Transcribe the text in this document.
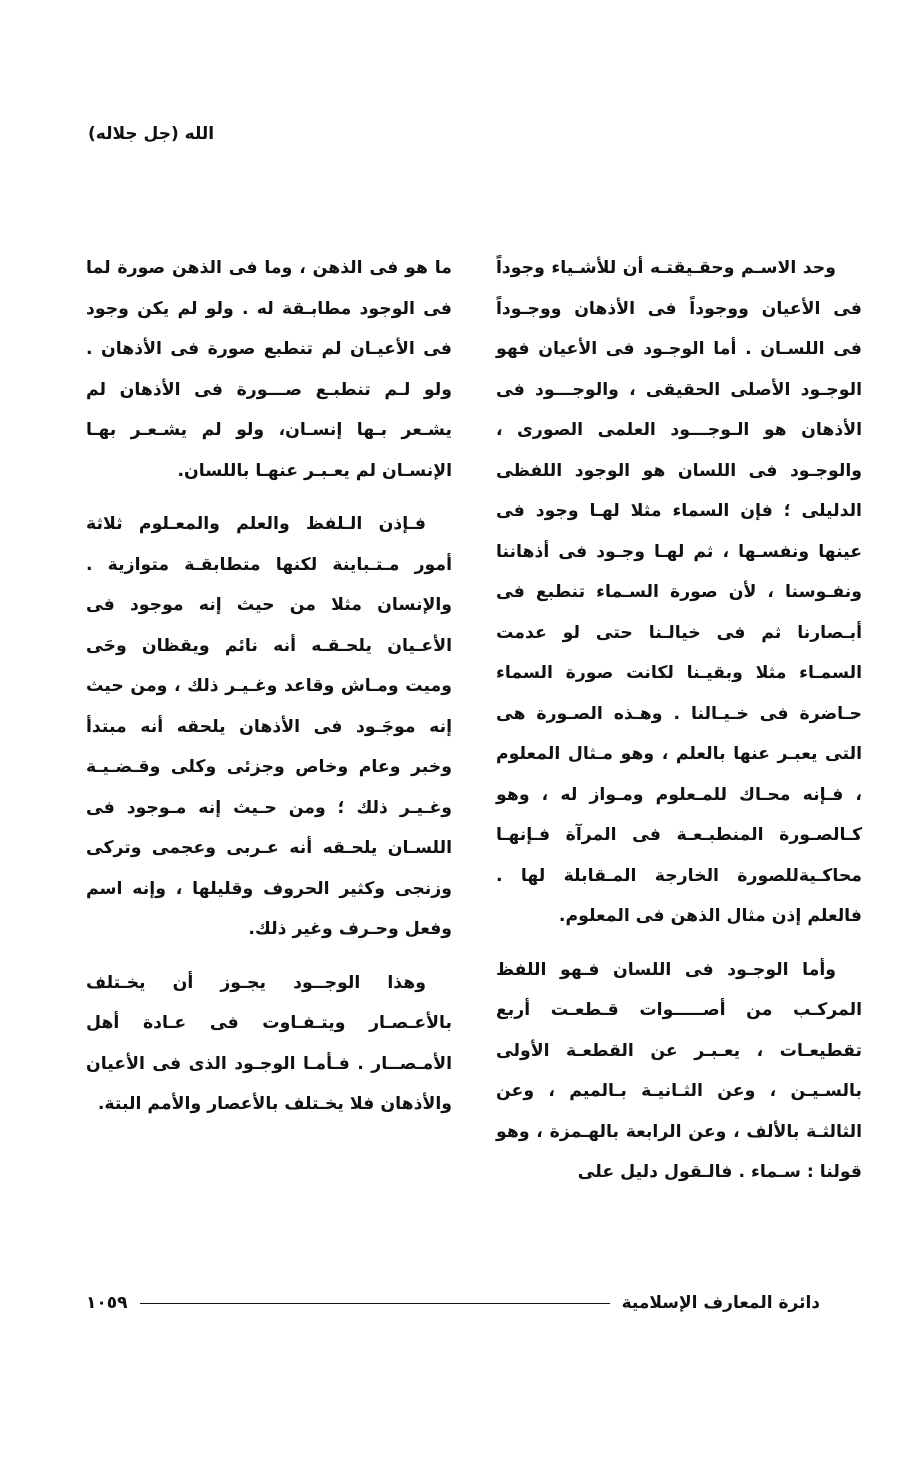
الله (جل جلاله)

وحد الاسـم وحقـيقتـه أن للأشـياء وجوداً فى الأعيان ووجوداً فى الأذهان ووجـوداً فى اللسـان . أما الوجـود فى الأعيان فهو الوجـود الأصلى الحقيقى ، والوجـــود فى الأذهان هو الـوجـــود العلمى الصورى ، والوجـود فى اللسان هو الوجود اللفظى الدليلى ؛ فإن السماء مثلا لهـا وجود فى عينها ونفسـها ، ثم لهـا وجـود فى أذهاننا ونفـوسنا ، لأن صورة السـماء تنطبع فى أبـصارنا ثم فى خيالـنا حتى لو عدمت السمـاء مثلا وبقيـنا لكانت صورة السماء حـاضرة فى خـيـالنا . وهـذه الصـورة هى التى يعبـر عنها بالعلم ، وهو مـثال المعلوم ، فـإنه محـاك للمـعلوم ومـواز له ، وهو كـالصـورة المنطبـعـة فى المرآة فـإنهـا محاكـيةللصورة الخارجة المـقابلة لها . فالعلم إذن مثال الذهن فى المعلوم.

وأما الوجـود فى اللسان فـهو اللفظ المركـب من أصـــــوات قـطعـت أربع تقطيعـات ، يعـبـر عن القطعـة الأولى بالسـيـن ، وعن الثـانيـة بـالميم ، وعن الثالثـة بالألف ، وعن الرابعة بالهـمزة ، وهو قولنا : سـماء . فالـقول دليل على

ما هو فى الذهن ، وما فى الذهن صورة لما فى الوجود مطابـقة له . ولو لم يكن وجود فى الأعيـان لم تنطبع صورة فى الأذهان . ولو لـم تنطبـع صـــورة فى الأذهان لم يشـعر بـها إنسـان، ولو لم يشـعـر بهـا الإنسـان لم يعـبـر عنهـا باللسان.

فـإذن الـلفظ والعلم والمعـلوم ثلاثة أمور مـتـباينة لكنها متطابقـة متوازية . والإنسان مثلا من حيث إنه موجود فى الأعـيان يلحـقـه أنه نائم ويقظان وحَى وميت ومـاش وقاعد وغـيـر ذلك ، ومن حيث إنه موجَـود فى الأذهان يلحقه أنه مبتدأ وخبر وعام وخاص وجزئى وكلى وقـضـيـة وغـيـر ذلك ؛ ومن حـيث إنه مـوجود فى اللسـان يلحـقه أنه عـربى وعجمى وتركى وزنجى وكثير الحروف وقليلها ، وإنه اسم وفعل وحـرف وغير ذلك.

وهذا الوجــود يجـوز أن يخـتلف بالأعـصـار ويتـفـاوت فى عـادة أهل الأمـصــار . فـأمـا الوجـود الذى فى الأعيان والأذهان فلا يخـتلف بالأعصار والأمم البتة.

دائرة المعارف الإسلامية
١٠٥٩
